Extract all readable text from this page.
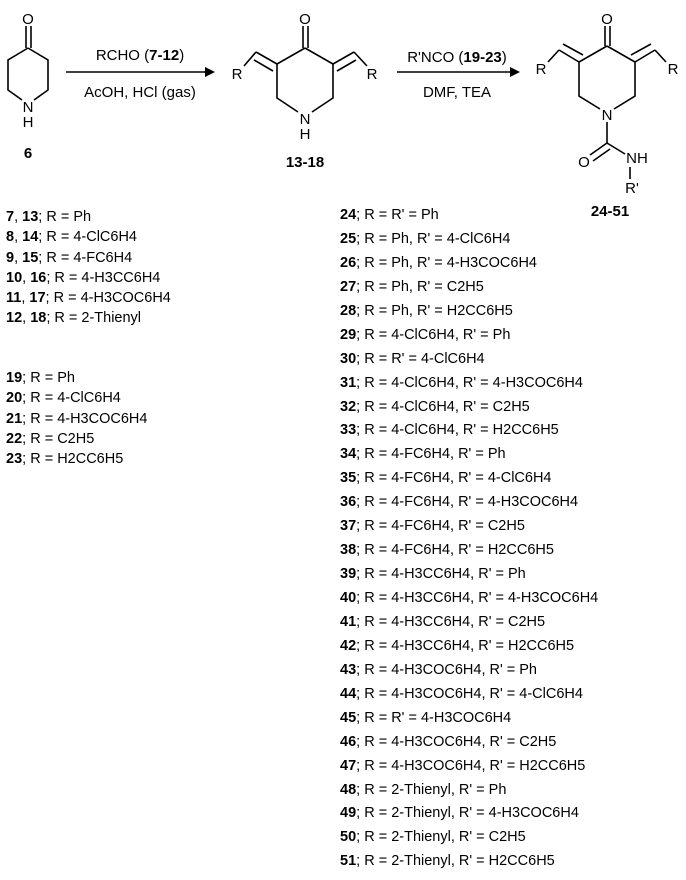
O
N
H
6
RCHO (7-12)
AcOH, HCl (gas)
O
R	R
N
H
13-18
R'NCO (19-23)
DMF, TEA
O
R	R
N
O NH
R'
24-51
7, 13; R = Ph
8, 14; R = 4-ClC6H4
9, 15; R = 4-FC6H4
10, 16; R = 4-H3CC6H4
11, 17; R = 4-H3COC6H4
12, 18; R = 2-Thienyl
19; R = Ph
20; R = 4-ClC6H4
21; R = 4-H3COC6H4
22; R = C2H5
23; R = H2CC6H5
24; R = R' = Ph
25; R = Ph, R' = 4-ClC6H4
26; R = Ph, R' = 4-H3COC6H4
27; R = Ph, R' = C2H5
28; R = Ph, R' = H2CC6H5
29; R = 4-ClC6H4, R' = Ph
30; R = R' = 4-ClC6H4
31; R = 4-ClC6H4, R' = 4-H3COC6H4
32; R = 4-ClC6H4, R' = C2H5
33; R = 4-ClC6H4, R' = H2CC6H5
34; R = 4-FC6H4, R' = Ph
35; R = 4-FC6H4, R' = 4-ClC6H4
36; R = 4-FC6H4, R' = 4-H3COC6H4
37; R = 4-FC6H4, R' = C2H5
38; R = 4-FC6H4, R' = H2CC6H5
39; R = 4-H3CC6H4, R' = Ph
40; R = 4-H3CC6H4, R' = 4-H3COC6H4
41; R = 4-H3CC6H4, R' = C2H5
42; R = 4-H3CC6H4, R' = H2CC6H5
43; R = 4-H3COC6H4, R' = Ph
44; R = 4-H3COC6H4, R' = 4-ClC6H4
45; R = R' = 4-H3COC6H4
46; R = 4-H3COC6H4, R' = C2H5
47; R = 4-H3COC6H4, R' = H2CC6H5
48; R = 2-Thienyl, R' = Ph
49; R = 2-Thienyl, R' = 4-H3COC6H4
50; R = 2-Thienyl, R' = C2H5
51; R = 2-Thienyl, R' = H2CC6H5
